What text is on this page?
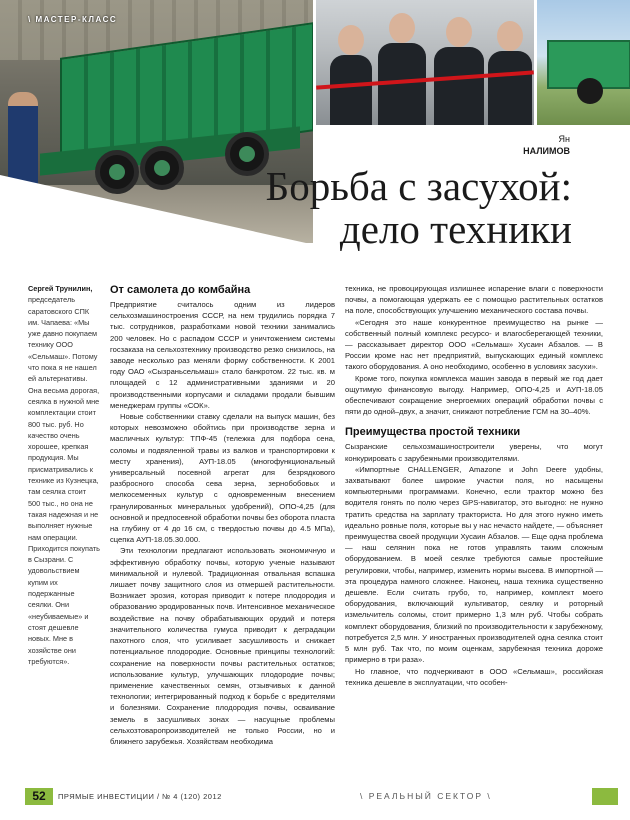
\ МАСТЕР-КЛАСС
Ян
НАЛИМОВ
Борьба с засухой:
дело техники

Сергей Трунилин, председатель саратовского СПК им. Чапаева: «Мы уже давно покупаем технику ООО «Сельмаш». Потому что пока я не нашел ей альтернативы. Она весьма дорогая, сеялка в нужной мне комплектации стоит 800 тыс. руб. Но качество очень хорошее, крепкая продукция. Мы присматривались к технике из Кузнецка, там сеялка стоит 500 тыс., но она не такая надежная и не выполняет нужные нам операции. Приходится покупать в Сызрани. С удовольствием купим их подержанные сеялки. Они «неубиваемые» и стоят дешевле новых. Мне в хозяйстве они требуются».

От самолета до комбайна

Предприятие считалось одним из лидеров сельхозмашиностроения СССР, на нем трудились порядка 7 тыс. сотрудников, разработками новой техники занимались 200 человек. Но с распадом СССР и уничтожением системы госзаказа на сельхозтехнику производство резко снизилось, на заводе несколько раз меняли форму собственности. К 2001 году ОАО «Сызраньсельмаш» стало банкротом. 22 тыс. кв. м площадей с 12 административными зданиями и 20 производственными корпусами и складами продали бывшим менеджерам группы «СОК».

Новые собственники ставку сделали на выпуск машин, без которых невозможно обойтись при производстве зерна и масличных культур: ТПФ-45 (тележка для подбора сена, соломы и подвяленной травы из валков и транспортировки к месту хранения), АУП-18.05 (многофункциональный универсальный посевной агрегат для безрядкового разбросного способа сева зерна, зернобобовых и мелкосеменных культур с одновременным внесением гранулированных минеральных удобрений), ОПО-4,25 (для основной и предпосевной обработки почвы без оборота пласта на глубину от 4 до 16 см, с твердостью почвы до 4.5 МПа), сцепка АУП-18.05.30.000.

Эти технологии предлагают использовать экономичную и эффективную обработку почвы, которую ученые называют минимальной и нулевой. Традиционная отвальная вспашка лишает почву защитного слоя из отмершей растительности. Возникает эрозия, которая приводит к потере плодородия и образованию эродированных почв. Интенсивное механическое воздействие на почву обрабатывающих орудий и потеря значительного количества гумуса приводит к деградации пахотного слоя, что усиливает засушливость и снижает потенциальное плодородие. Основные принципы технологий: сохранение на поверхности почвы растительных остатков; использование культур, улучшающих плодородие почвы; применение качественных семян, отзывчивых к данной технологии; интегрированный подход к борьбе с вредителями и болезнями. Сохранение плодородия почвы, осваивание земель в засушливых зонах — насущные проблемы сельхозтоваропроизводителей не только России, но и ближнего зарубежья. Хозяйствам необходима

техника, не провоцирующая излишнее испарение влаги с поверхности почвы, а помогающая удержать ее с помощью растительных остатков на поле, способствующих улучшению механического состава почвы.

«Сегодня это наше конкурентное преимущество на рынке — собственный полный комплекс ресурсо- и влагосберегающей техники, — рассказывает директор ООО «Сельмаш» Хусаин Абзалов. — В России кроме нас нет предприятий, выпускающих единый комплекс такого оборудования. А оно необходимо, особенно в условиях засухи».

Кроме того, покупка комплекса машин завода в первый же год дает ощутимую финансовую выгоду. Например, ОПО-4,25 и АУП-18.05 обеспечивают сокращение энергоемких операций обработки почвы с пяти до одной–двух, а значит, снижают потребление ГСМ на 30–40%.

Преимущества простой техники

Сызранские сельхозмашиностроители уверены, что могут конкурировать с зарубежными производителями.

«Импортные CHALLENGER, Amazone и John Deere удобны, захватывают более широкие участки поля, но насыщены компьютерными программами. Конечно, если трактор можно без водителя гонять по полю через GPS-навигатор, это выгодно: не нужно тратить средства на зарплату тракториста. Но для этого нужно иметь идеально ровные поля, которые вы у нас нечасто найдете, — объясняет преимущества своей продукции Хусаин Абзалов. — Еще одна проблема — наш селянин пока не готов управлять таким сложным оборудованием. В моей сеялке требуются самые простейшие регулировки, чтобы, например, изменить нормы высева. В импортной — эта процедура намного сложнее. Наконец, наша техника существенно дешевле. Если считать грубо, то, например, комплект моего оборудования, включающий культиватор, сеялку и роторный измельчитель соломы, стоит примерно 1,3 млн руб. Чтобы собрать комплект оборудования, близкий по производительности к зарубежному, потребуется 2,5 млн. У иностранных производителей одна сеялка стоит 5 млн руб. Так что, по моим оценкам, зарубежная техника дороже примерно в три раза».

Но главное, что подчеркивают в ООО «Сельмаш», российская техника дешевле в эксплуатации, что особен-

52	ПРЯМЫЕ ИНВЕСТИЦИИ / № 4 (120) 2012	\ РЕАЛЬНЫЙ СЕКТОР \
